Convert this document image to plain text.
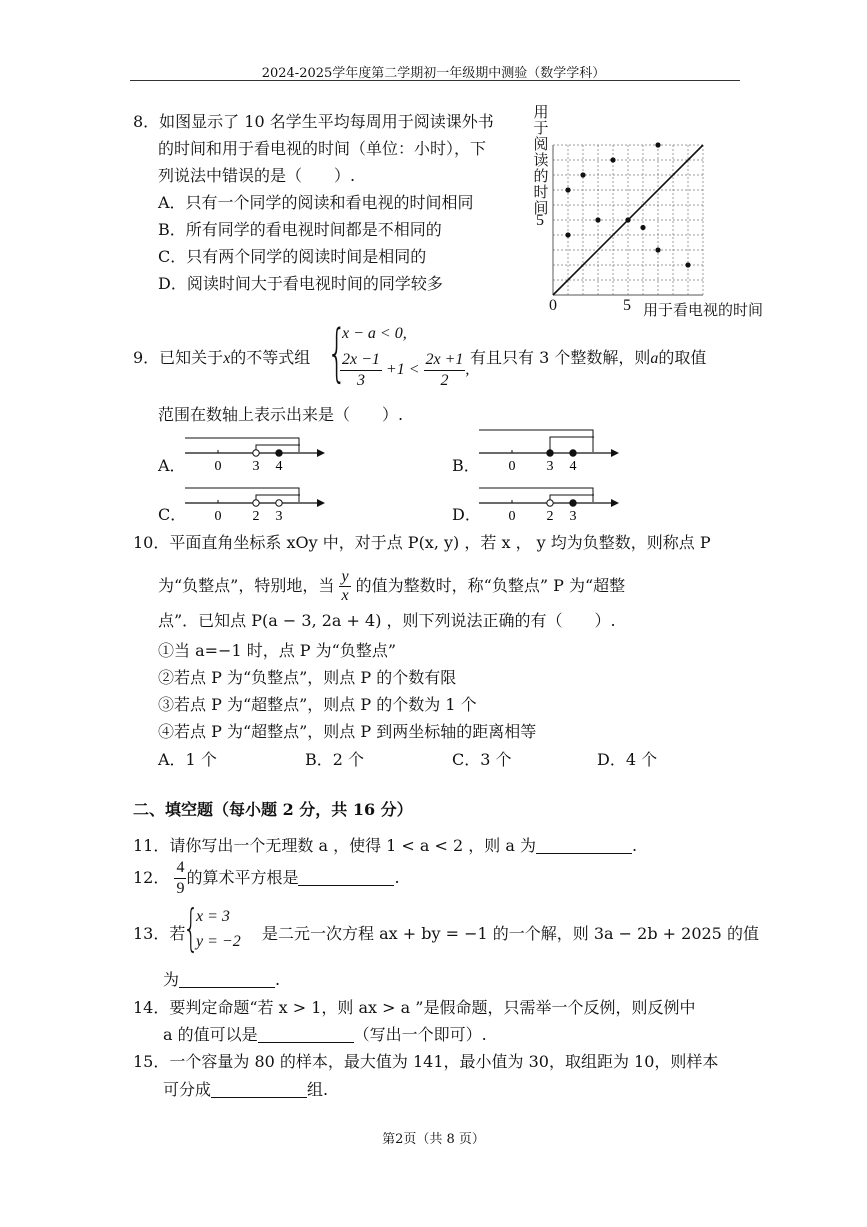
2024-2025学年度第二学期初一年级期中测验（数学学科）
8．如图显示了 10 名学生平均每周用于阅读课外书
的时间和用于看电视的时间（单位：小时），下
列说法中错误的是（　　）.
A．只有一个同学的阅读和看电视的时间相同
B．所有同学的看电视时间都是不相同的
C．只有两个同学的阅读时间是相同的
D．阅读时间大于看电视时间的同学较多
用于阅读的时间
5
0	5 用于看电视的时间
9．已知关于x的不等式组 {
x − a < 0,
$\frac{2x -1}{3} +1 < \frac{2x +1}{2}$ ,
有且只有 3 个整数解，则a的取值
范围在数轴上表示出来是（　　）.
A． 0 3 4	B． 0 3 4
C． 0 2 3	D． 0 2 3
10．平面直角坐标系 xOy 中，对于点 P(x, y) ，若 x ， y 均为负整数，则称点 P
为“负整点”，特别地，当 $\frac{y}{x}$ 的值为整数时，称“负整点” P 为“超整
点”．已知点 P(a − 3, 2a + 4) ，则下列说法正确的有（　　）.
①当 a=−1 时，点 P 为“负整点”
②若点 P 为“负整点”，则点 P 的个数有限
③若点 P 为“超整点”，则点 P 的个数为 1 个
④若点 P 为“超整点”，则点 P 到两坐标轴的距离相等
A．1 个	B．2 个	C．3 个	D．4 个
二、填空题（每小题 2 分，共 16 分）
11．请你写出一个无理数 a ，使得 1 < a < 2 ，则 a 为	.
12． $\frac{4}{9}$ 的算术平方根是	.
13．若
{
x = 3
y = −2 是二元一次方程 ax + by = −1 的一个解，则 3a − 2b + 2025 的值
为	.
14．要判定命题“若 x > 1，则 ax > a ”是假命题，只需举一个反例，则反例中
a 的值可以是	（写出一个即可）.
15．一个容量为 80 的样本，最大值为 141，最小值为 30，取组距为 10，则样本
可分成	组.
第2页（共 8 页）
